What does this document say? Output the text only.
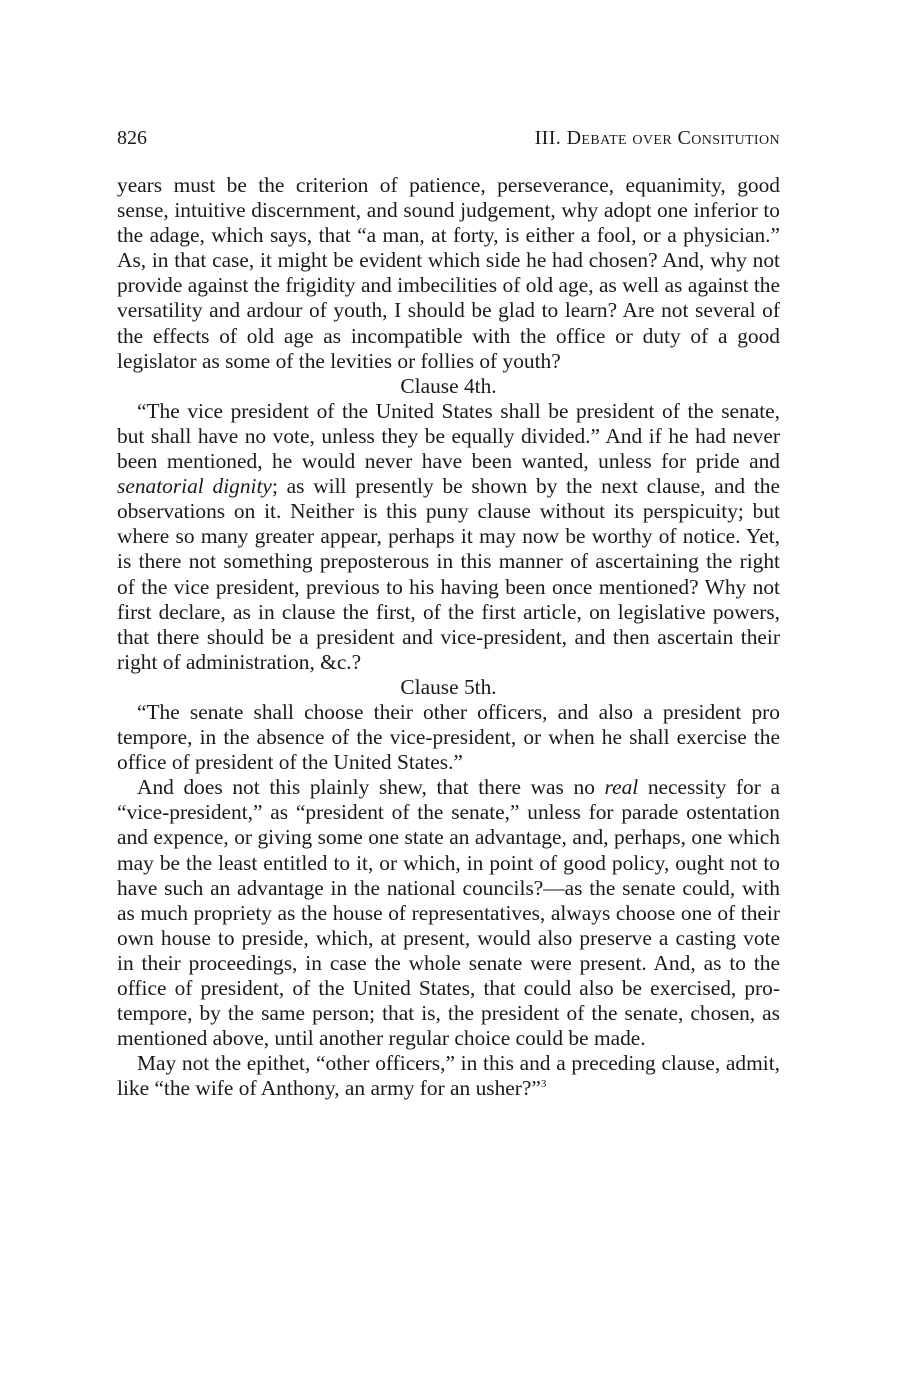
826	III. Debate over Consitution

years must be the criterion of patience, perseverance, equanimity, good sense, intuitive discernment, and sound judgement, why adopt one inferior to the adage, which says, that “a man, at forty, is either a fool, or a physician.” As, in that case, it might be evident which side he had chosen? And, why not provide against the frigidity and imbecilities of old age, as well as against the versatility and ardour of youth, I should be glad to learn? Are not several of the effects of old age as incompatible with the office or duty of a good legislator as some of the levities or follies of youth?

Clause 4th.

“The vice president of the United States shall be president of the senate, but shall have no vote, unless they be equally divided.” And if he had never been mentioned, he would never have been wanted, unless for pride and senatorial dignity; as will presently be shown by the next clause, and the observations on it. Neither is this puny clause without its perspicuity; but where so many greater appear, perhaps it may now be worthy of notice. Yet, is there not something preposterous in this manner of ascertaining the right of the vice president, previous to his having been once mentioned? Why not first declare, as in clause the first, of the first article, on legislative powers, that there should be a president and vice-president, and then ascertain their right of administration, &c.?

Clause 5th.

“The senate shall choose their other officers, and also a president pro tempore, in the absence of the vice-president, or when he shall exercise the office of president of the United States.”

And does not this plainly shew, that there was no real necessity for a “vice-president,” as “president of the senate,” unless for parade ostentation and expence, or giving some one state an advantage, and, perhaps, one which may be the least entitled to it, or which, in point of good policy, ought not to have such an advantage in the national councils?—as the senate could, with as much propriety as the house of representatives, always choose one of their own house to preside, which, at present, would also preserve a casting vote in their proceedings, in case the whole senate were present. And, as to the office of president, of the United States, that could also be exercised, pro-tempore, by the same person; that is, the president of the senate, chosen, as mentioned above, until another regular choice could be made.

May not the epithet, “other officers,” in this and a preceding clause, admit, like “the wife of Anthony, an army for an usher?”$^3$
